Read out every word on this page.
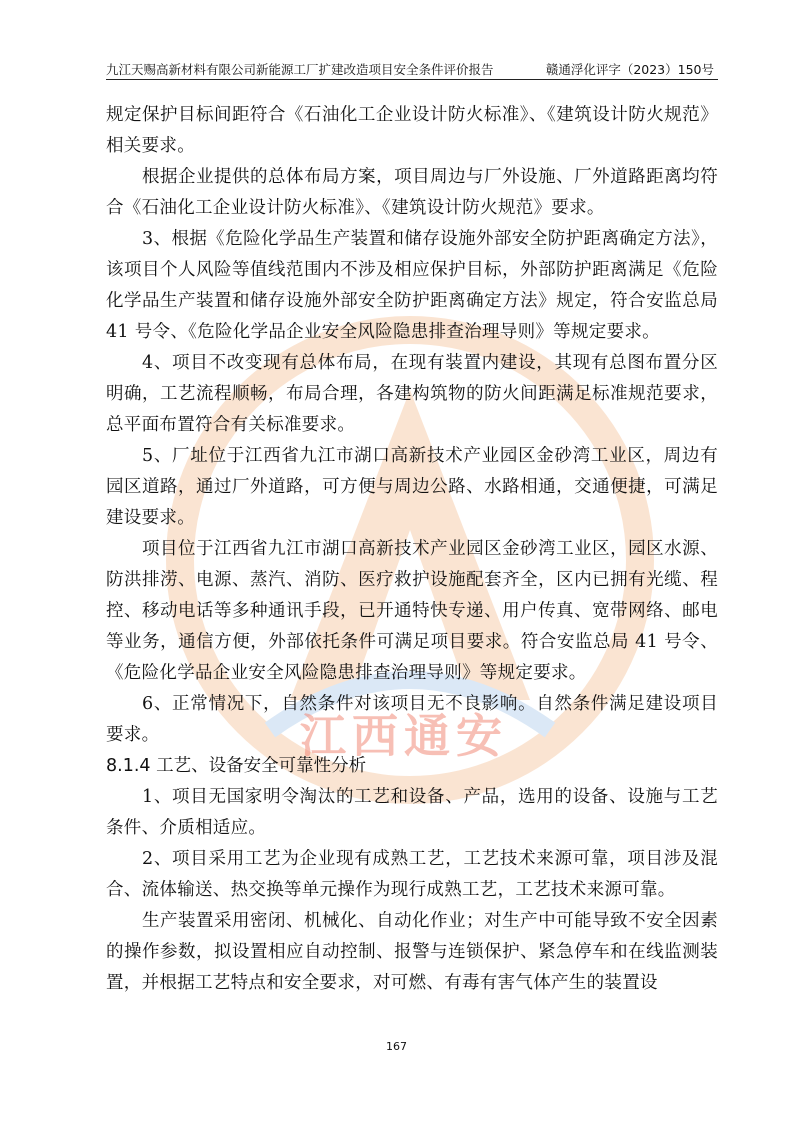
九江天赐高新材料有限公司新能源工厂扩建改造项目安全条件评价报告	赣通浮化评字（2023）150号
江西通安

规定保护目标间距符合《石油化工企业设计防火标准》、《建筑设计防火规范》相关要求。

根据企业提供的总体布局方案，项目周边与厂外设施、厂外道路距离均符合《石油化工企业设计防火标准》、《建筑设计防火规范》要求。

3、根据《危险化学品生产装置和储存设施外部安全防护距离确定方法》，该项目个人风险等值线范围内不涉及相应保护目标，外部防护距离满足《危险化学品生产装置和储存设施外部安全防护距离确定方法》规定，符合安监总局 41 号令、《危险化学品企业安全风险隐患排查治理导则》等规定要求。

4、项目不改变现有总体布局，在现有装置内建设，其现有总图布置分区明确，工艺流程顺畅，布局合理，各建构筑物的防火间距满足标准规范要求，总平面布置符合有关标准要求。

5、厂址位于江西省九江市湖口高新技术产业园区金砂湾工业区，周边有园区道路，通过厂外道路，可方便与周边公路、水路相通，交通便捷，可满足建设要求。

项目位于江西省九江市湖口高新技术产业园区金砂湾工业区，园区水源、防洪排涝、电源、蒸汽、消防、医疗救护设施配套齐全，区内已拥有光缆、程控、移动电话等多种通讯手段，已开通特快专递、用户传真、宽带网络、邮电等业务，通信方便，外部依托条件可满足项目要求。符合安监总局 41 号令、《危险化学品企业安全风险隐患排查治理导则》等规定要求。

6、正常情况下，自然条件对该项目无不良影响。自然条件满足建设项目要求。

8.1.4 工艺、设备安全可靠性分析

1、项目无国家明令淘汰的工艺和设备、产品，选用的设备、设施与工艺条件、介质相适应。

2、项目采用工艺为企业现有成熟工艺，工艺技术来源可靠，项目涉及混合、流体输送、热交换等单元操作为现行成熟工艺，工艺技术来源可靠。

生产装置采用密闭、机械化、自动化作业；对生产中可能导致不安全因素的操作参数，拟设置相应自动控制、报警与连锁保护、紧急停车和在线监测装置，并根据工艺特点和安全要求，对可燃、有毒有害气体产生的装置设

167
